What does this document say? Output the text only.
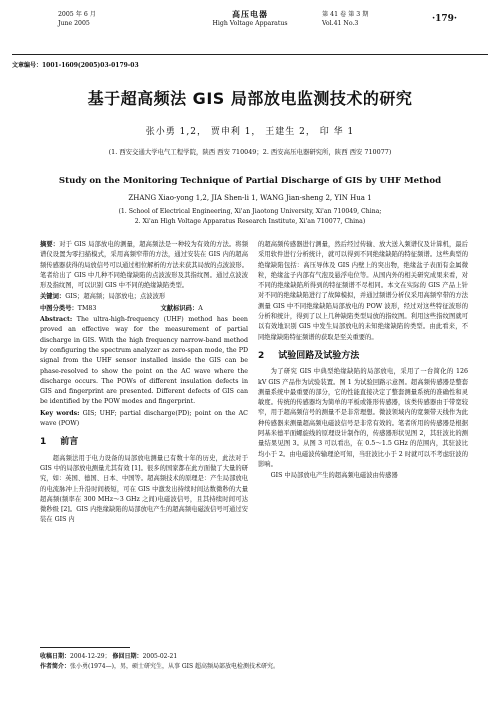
2005 年 6 月
June 2005
高压电器
High Voltage Apparatus
第 41 卷 第 3 期
Vol.41 No.3	·179·
文章编号：1001-1609(2005)03-0179-03
基于超高频法 GIS 局部放电监测技术的研究
张小勇 1,2， 贾申利 1， 王建生 2， 印 华 1
(1. 西安交通大学电气工程学院，陕西 西安 710049；2. 西安高压电器研究所，陕西 西安 710077)
Study on the Monitoring Technique of Partial Discharge of GIS by UHF Method
ZHANG Xiao-yong 1,2, JIA Shen-li 1, WANG Jian-sheng 2, YIN Hua 1
(1. School of Electrical Engineering, Xi'an Jiaotong University, Xi'an 710049, China;
2. Xi'an High Voltage Apparatus Research Institute, Xi'an 710077, China)

摘要：对于 GIS 局部放电的测量，超高频法是一种较为有效的方法。将频谱仪设置为零扫描模式，采用高频窄带的方法，通过安装在 GIS 内的超高频传感器获得的局放信号可以通过相位解析的方法来获其局放的点波波形。笔者给出了 GIS 中几种不同绝缘缺陷的点波波形及其指纹图。通过点波波形及指纹图，可以识别 GIS 中不同的绝缘缺陷类型。

关键词：GIS；超高频；局部放电；点波波形

中图分类号：TM83	文献标识码：A

Abstract: The ultra-high-frequency (UHF) method has been proved an effective way for the measurement of partial discharge in GIS. With the high frequency narrow-band method by configuring the spectrum analyzer as zero-span mode, the PD signal from the UHF sensor installed inside the GIS can be phase-resolved to show the point on the AC wave where the discharge occurs. The POWs of different insulation defects in GIS and fingerprint are presented. Different defects of GIS can be identified by the POW modes and fingerprint.

Key words: GIS; UHF; partial discharge(PD); point on the AC wave (POW)

1 前言

超高频法用于电力设备的局部放电测量已有数十年的历史，此法对于 GIS 中的局部放电测量尤其有效 [1]。很多的国家都在此方面做了大量的研究，如：英国、德国、日本、中国等。超高频技术的原理是：产生局部放电的电流脉冲上升沿时间极短，可在 GIS 中激发出持续时间达数微秒的大量超高频(频率在 300 MHz～3 GHz 之间)电磁波信号，且其持续时间可达微秒级 [2]。GIS 内绝缘缺陷的局部放电产生的超高频电磁波信号可通过安装在 GIS 内

的超高频传感器进行测量，然后经过传输、放大送入频谱仪及计算机，最后采用软件进行分析统计，就可以得到不同绝缘缺陷的特征频谱。这些典型的绝缘缺陷包括：高压导体及 GIS 内壁上的突出物，绝缘盆子表面有金属微粒，绝缘盆子内部有气泡及悬浮电位等。从国内外的相关研究成果来看，对不同的绝缘缺陷所得到的特征频谱不尽相同。本文在实际的 GIS 产品上针对不同的绝缘缺陷进行了故障模拟，并通过频谱分析仪采用高频窄带的方法测量 GIS 中不同绝缘缺陷局部放电的 POW 波形，经过对这些特征波形的分析和统计，得到了以上几种缺陷类型局放的指纹图。利用这些指纹图就可以有效地识别 GIS 中发生局部放电的未知绝缘缺陷的类型。由此看来，不同绝缘缺陷特征频谱的获取是至关重要的。

2 试验回路及试验方法

为了研究 GIS 中典型绝缘缺陷的局部放电，采用了一台简化的 126 kV GIS 产品作为试验装置。图 1 为试验回路示意图。超高频传感器是整套测量系统中最重要的部分，它的性能直接决定了整套测量系统的准确性和灵敏度。传统的传感器均为简单的平板或锥形传感器，该类传感器由于带宽较窄，用于超高频信号的测量不是非常理想。微波领域内的宽频带天线作为此种传感器来测量超高频电磁波信号是非常有效的。笔者所用的传感器是根据阿基米德平面螺旋线的原理设计制作的，传感器形状见图 2，其驻波比的测量结果见图 3。从图 3 可以看出，在 0.5～1.5 GHz 的范围内，其驻波比均小于 2。由电磁波传输理论可知，当驻波比小于 2 时就可以不考虑驻波的影响。

GIS 中局部放电产生的超高频电磁波由传感器

收稿日期：2004-12-29； 修回日期：2005-02-21
作者简介：张小勇(1974—)，男，硕士研究生，从事 GIS 超高频局部放电检测技术研究。
